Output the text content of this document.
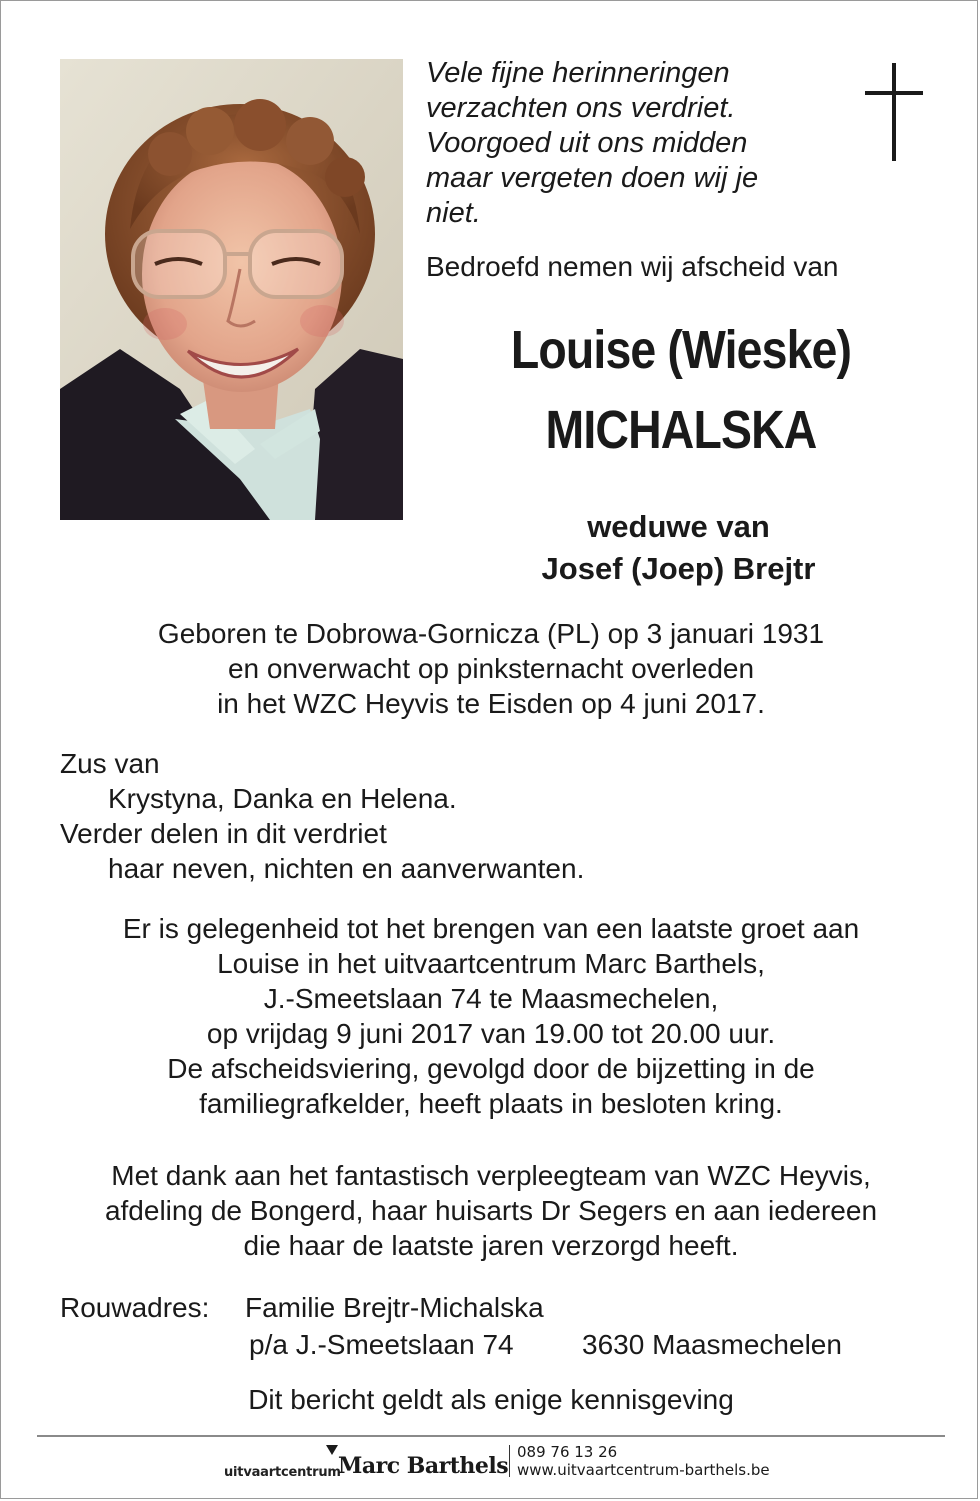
Vele fijne herinneringen
verzachten ons verdriet.
Voorgoed uit ons midden
maar vergeten doen wij je
niet.
Bedroefd nemen wij afscheid van
Louise (Wieske)
MICHALSKA
weduwe van
Josef (Joep) Brejtr
Geboren te Dobrowa-Gornicza (PL) op 3 januari 1931
en onverwacht op pinksternacht overleden
in het WZC Heyvis te Eisden op 4 juni 2017.
Zus van
Krystyna, Danka en Helena.
Verder delen in dit verdriet
haar neven, nichten en aanverwanten.
Er is gelegenheid tot het brengen van een laatste groet aan
Louise in het uitvaartcentrum Marc Barthels,
J.-Smeetslaan 74 te Maasmechelen,
op vrijdag 9 juni 2017 van 19.00 tot 20.00 uur.
De afscheidsviering, gevolgd door de bijzetting in de
familiegrafkelder, heeft plaats in besloten kring.
Met dank aan het fantastisch verpleegteam van WZC Heyvis,
afdeling de Bongerd, haar huisarts Dr Segers en aan iedereen
die haar de laatste jaren verzorgd heeft.
Rouwadres: Familie Brejtr-Michalska
p/a J.-Smeetslaan 74 3630 Maasmechelen
Dit bericht geldt als enige kennisgeving
uitvaartcentrum
Marc Barthels
089 76 13 26
www.uitvaartcentrum-barthels.be
